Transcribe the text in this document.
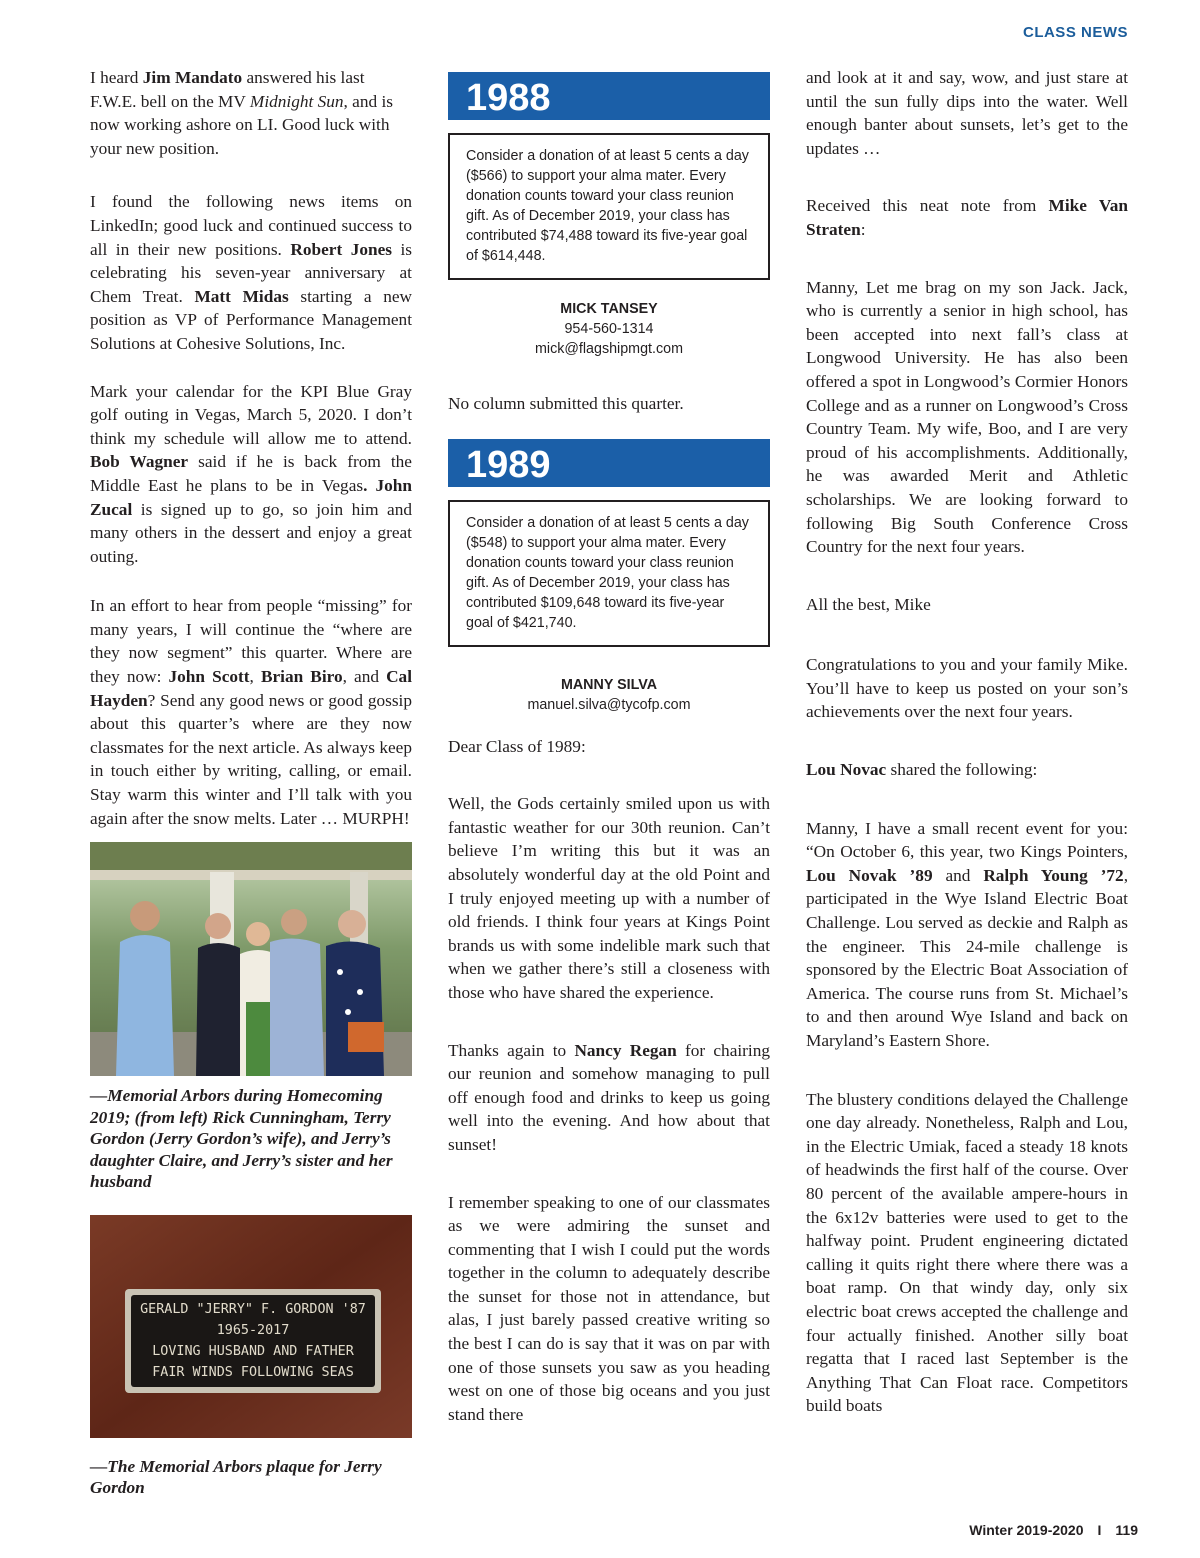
CLASS NEWS

I heard Jim Mandato answered his last F.W.E. bell on the MV Midnight Sun, and is now working ashore on LI. Good luck with your new position.

I found the following news items on LinkedIn; good luck and continued success to all in their new positions. Robert Jones is celebrating his seven-year anniversary at Chem Treat. Matt Midas starting a new position as VP of Performance Management Solutions at Cohesive Solutions, Inc.

Mark your calendar for the KPI Blue Gray golf outing in Vegas, March 5, 2020. I don’t think my schedule will allow me to attend. Bob Wagner said if he is back from the Middle East he plans to be in Vegas. John Zucal is signed up to go, so join him and many others in the dessert and enjoy a great outing.

In an effort to hear from people “missing” for many years, I will continue the “where are they now segment” this quarter. Where are they now: John Scott, Brian Biro, and Cal Hayden? Send any good news or good gossip about this quarter’s where are they now classmates for the next article. As always keep in touch either by writing, calling, or email. Stay warm this winter and I’ll talk with you again after the snow melts. Later … MURPH!

—Memorial Arbors during Homecoming 2019; (from left) Rick Cunningham, Terry Gordon (Jerry Gordon’s wife), and Jerry’s daughter Claire, and Jerry’s sister and her husband

GERALD "JERRY" F. GORDON '87
1965-2017
LOVING HUSBAND AND FATHER
FAIR WINDS FOLLOWING SEAS

—The Memorial Arbors plaque for Jerry Gordon

1988
Consider a donation of at least 5 cents a day ($566) to support your alma mater. Every donation counts toward your class reunion gift. As of December 2019, your class has contributed $74,488 toward its five-year goal of $614,448.
MICK TANSEY
954-560-1314
mick@flagshipmgt.com

No column submitted this quarter.

1989
Consider a donation of at least 5 cents a day ($548) to support your alma mater. Every donation counts toward your class reunion gift. As of December 2019, your class has contributed $109,648 toward its five-year goal of $421,740.
MANNY SILVA
manuel.silva@tycofp.com

Dear Class of 1989:

Well, the Gods certainly smiled upon us with fantastic weather for our 30th reunion. Can’t believe I’m writing this but it was an absolutely wonderful day at the old Point and I truly enjoyed meeting up with a number of old friends. I think four years at Kings Point brands us with some indelible mark such that when we gather there’s still a closeness with those who have shared the experience.

Thanks again to Nancy Regan for chairing our reunion and somehow managing to pull off enough food and drinks to keep us going well into the evening. And how about that sunset!

I remember speaking to one of our classmates as we were admiring the sunset and commenting that I wish I could put the words together in the column to adequately describe the sunset for those not in attendance, but alas, I just barely passed creative writing so the best I can do is say that it was on par with one of those sunsets you saw as you heading west on one of those big oceans and you just stand there

and look at it and say, wow, and just stare at until the sun fully dips into the water. Well enough banter about sunsets, let’s get to the updates …

Received this neat note from Mike Van Straten:

Manny, Let me brag on my son Jack. Jack, who is currently a senior in high school, has been accepted into next fall’s class at Longwood University. He has also been offered a spot in Longwood’s Cormier Honors College and as a runner on Longwood’s Cross Country Team. My wife, Boo, and I are very proud of his accomplishments. Additionally, he was awarded Merit and Athletic scholarships. We are looking forward to following Big South Conference Cross Country for the next four years.

All the best, Mike

Congratulations to you and your family Mike. You’ll have to keep us posted on your son’s achievements over the next four years.

Lou Novac shared the following:

Manny, I have a small recent event for you: “On October 6, this year, two Kings Pointers, Lou Novak ’89 and Ralph Young ’72, participated in the Wye Island Electric Boat Challenge. Lou served as deckie and Ralph as the engineer. This 24-mile challenge is sponsored by the Electric Boat Association of America. The course runs from St. Michael’s to and then around Wye Island and back on Maryland’s Eastern Shore.

The blustery conditions delayed the Challenge one day already. Nonetheless, Ralph and Lou, in the Electric Umiak, faced a steady 18 knots of headwinds the first half of the course. Over 80 percent of the available ampere-hours in the 6x12v batteries were used to get to the halfway point. Prudent engineering dictated calling it quits right there where there was a boat ramp. On that windy day, only six electric boat crews accepted the challenge and four actually finished. Another silly boat regatta that I raced last September is the Anything That Can Float race. Competitors build boats

Winter 2019-2020 I 119
